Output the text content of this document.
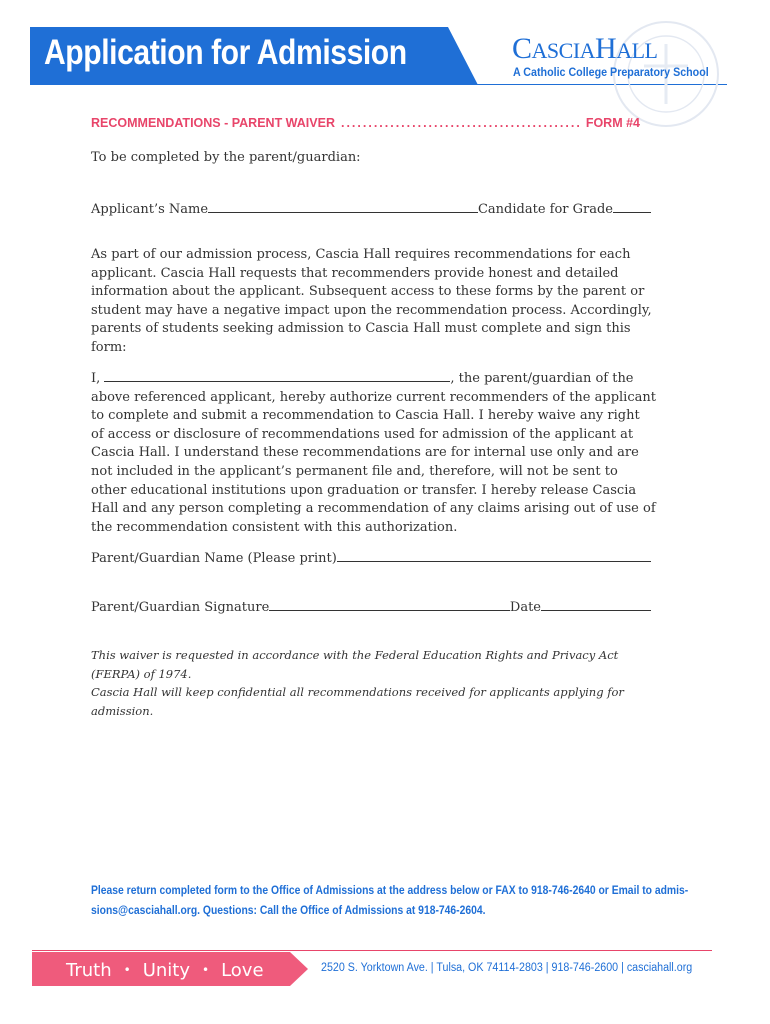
Application for Admission	CASCIAHALL
A Catholic College Preparatory School
RECOMMENDATIONS - PARENT WAIVER
.....	FORM #4
To be completed by the parent/guardian:
Applicant’s Name	Candidate for Grade
As part of our admission process, Cascia Hall requires recommendations for each applicant. Cascia Hall requests that recommenders provide honest and detailed information about the applicant. Subsequent access to these forms by the parent or student may have a negative impact upon the recommendation process. Accordingly, parents of students seeking admission to Cascia Hall must complete and sign this form:
I,	, the parent/guardian of the above referenced applicant, hereby authorize current recommenders of the applicant to complete and submit a recommendation to Cascia Hall. I hereby waive any right of access or disclosure of recommendations used for admission of the applicant at Cascia Hall. I understand these recommendations are for internal use only and are not included in the applicant’s permanent file and, therefore, will not be sent to other educational institutions upon graduation or transfer. I hereby release Cascia Hall and any person completing a recommendation of any claims arising out of use of the recommendation consistent with this authorization.
Parent/Guardian Name (Please print)
Parent/Guardian Signature	Date
This waiver is requested in accordance with the Federal Education Rights and Privacy Act (FERPA) of 1974.
Cascia Hall will keep confidential all recommendations received for applicants applying for admission.
Please return completed form to the Office of Admissions at the address below or FAX to 918-746-2640 or Email to admis-
sions@casciahall.org. Questions: Call the Office of Admissions at 918-746-2604.
Truth • Unity • Love	2520 S. Yorktown Ave. | Tulsa, OK 74114-2803 | 918-746-2600 | casciahall.org
